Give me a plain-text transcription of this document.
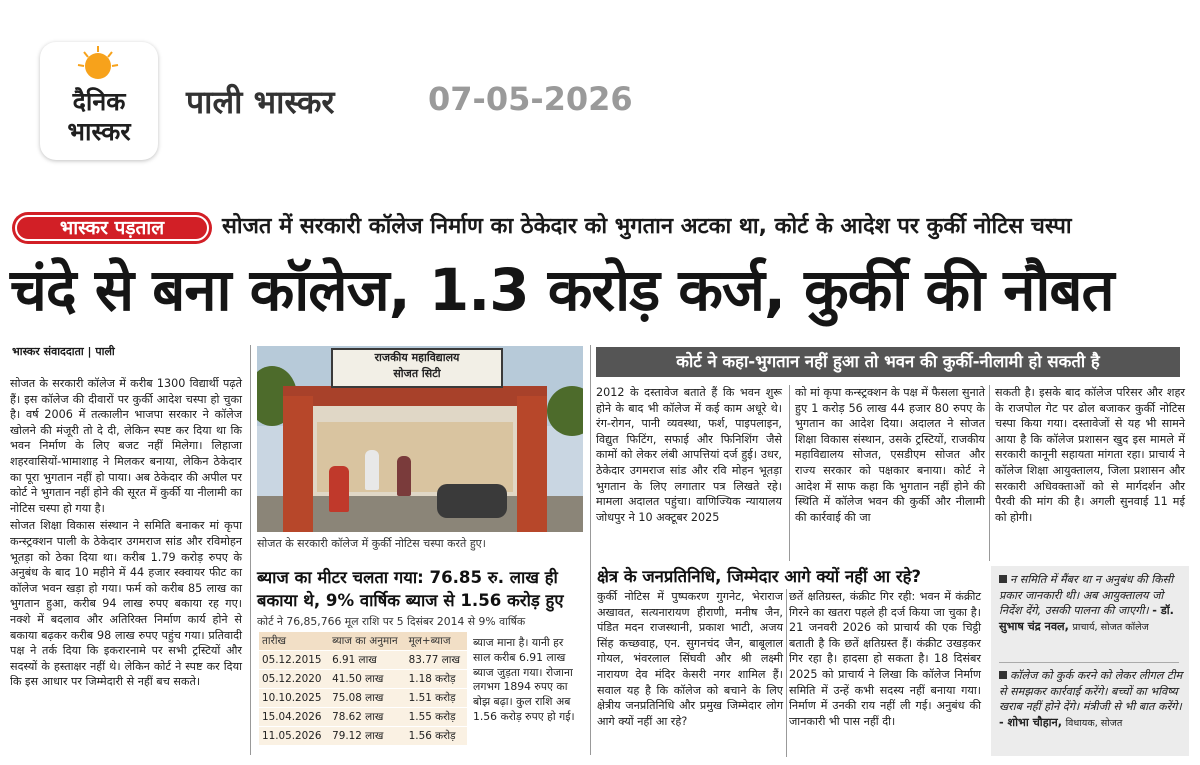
दैनिक
भास्कर
पाली भास्कर	07-05-2026
भास्कर पड़ताल	सोजत में सरकारी कॉलेज निर्माण का ठेकेदार को भुगतान अटका था, कोर्ट के आदेश पर कुर्की नोटिस चस्पा
चंदे से बना कॉलेज, 1.3 करोड़ कर्ज, कुर्की की नौबत
भास्कर संवाददाता | पाली

सोजत के सरकारी कॉलेज में करीब 1300 विद्यार्थी पढ़ते हैं। इस कॉलेज की दीवारों पर कुर्की आदेश चस्पा हो चुका है। वर्ष 2006 में तत्कालीन भाजपा सरकार ने कॉलेज खोलने की मंजूरी तो दे दी, लेकिन स्पष्ट कर दिया था कि भवन निर्माण के लिए बजट नहीं मिलेगा। लिहाजा शहरवासियों-भामाशाह ने मिलकर बनाया, लेकिन ठेकेदार का पूरा भुगतान नहीं हो पाया। अब ठेकेदार की अपील पर कोर्ट ने भुगतान नहीं होने की सूरत में कुर्की या नीलामी का नोटिस चस्पा हो गया है।

सोजत शिक्षा विकास संस्थान ने समिति बनाकर मां कृपा कन्स्ट्रक्शन पाली के ठेकेदार उगमराज सांड और रविमोहन भूतड़ा को ठेका दिया था। करीब 1.79 करोड़ रुपए के अनुबंध के बाद 10 महीने में 44 हजार स्क्वायर फीट का कॉलेज भवन खड़ा हो गया। फर्म को करीब 85 लाख का भुगतान हुआ, करीब 94 लाख रुपए बकाया रह गए। नक्शे में बदलाव और अतिरिक्त निर्माण कार्य होने से बकाया बढ़कर करीब 98 लाख रुपए पहुंच गया। प्रतिवादी पक्ष ने तर्क दिया कि इकरारनामे पर सभी ट्रस्टियों और सदस्यों के हस्ताक्षर नहीं थे। लेकिन कोर्ट ने स्पष्ट कर दिया कि इस आधार पर जिम्मेदारी से नहीं बच सकते।

राजकीय महाविद्यालय
सोजत सिटी
सोजत के सरकारी कॉलेज में कुर्की नोटिस चस्पा करते हुए।
ब्याज का मीटर चलता गया: 76.85 रु. लाख ही बकाया थे, 9% वार्षिक ब्याज से 1.56 करोड़ हुए
कोर्ट ने 76,85,766 मूल राशि पर 5 दिसंबर 2014 से 9% वार्षिक
तारीख	ब्याज का अनुमान	मूल+ब्याज
05.12.2015	6.91 लाख	83.77 लाख
05.12.2020	41.50 लाख	1.18 करोड़
10.10.2025	75.08 लाख	1.51 करोड़
15.04.2026	78.62 लाख	1.55 करोड़
11.05.2026	79.12 लाख	1.56 करोड़
ब्याज माना है। यानी हर साल करीब 6.91 लाख ब्याज जुड़ता गया। रोजाना लगभग 1894 रुपए का बोझ बढ़ा। कुल राशि अब 1.56 करोड़ रुपए हो गई।
कोर्ट ने कहा-भुगतान नहीं हुआ तो भवन की कुर्की-नीलामी हो सकती है
2012 के दस्तावेज बताते हैं कि भवन शुरू होने के बाद भी कॉलेज में कई काम अधूरे थे। रंग-रोगन, पानी व्यवस्था, फर्श, पाइपलाइन, विद्युत फिटिंग, सफाई और फिनिशिंग जैसे कामों को लेकर लंबी आपत्तियां दर्ज हुई। उधर, ठेकेदार उगमराज सांड और रवि मोहन भूतड़ा भुगतान के लिए लगातार पत्र लिखते रहे। मामला अदालत पहुंचा। वाणिज्यिक न्यायालय जोधपुर ने 10 अक्टूबर 2025
को मां कृपा कन्स्ट्रक्शन के पक्ष में फैसला सुनाते हुए 1 करोड़ 56 लाख 44 हजार 80 रुपए के भुगतान का आदेश दिया। अदालत ने सोजत शिक्षा विकास संस्थान, उसके ट्रस्टियों, राजकीय महाविद्यालय सोजत, एसडीएम सोजत और राज्य सरकार को पक्षकार बनाया। कोर्ट ने आदेश में साफ कहा कि भुगतान नहीं होने की स्थिति में कॉलेज भवन की कुर्की और नीलामी की कार्रवाई की जा
सकती है। इसके बाद कॉलेज परिसर और शहर के राजपोल गेट पर ढोल बजाकर कुर्की नोटिस चस्पा किया गया। दस्तावेजों से यह भी सामने आया है कि कॉलेज प्रशासन खुद इस मामले में सरकारी कानूनी सहायता मांगता रहा। प्राचार्य ने कॉलेज शिक्षा आयुक्तालय, जिला प्रशासन और सरकारी अधिवक्ताओं को से मार्गदर्शन और पैरवी की मांग की है। अगली सुनवाई 11 मई को होगी।
क्षेत्र के जनप्रतिनिधि, जिम्मेदार आगे क्यों नहीं आ रहे?
कुर्की नोटिस में पुष्पकरण गुगनेट, भेराराज अखावत, सत्यनारायण हीराणी, मनीष जैन, पंडित मदन राजस्थानी, प्रकाश भाटी, अजय सिंह कच्छवाह, एन. सुगनचंद जैन, बाबूलाल गोयल, भंवरलाल सिंघवी और श्री लक्ष्मी नारायण देव मंदिर केसरी नगर शामिल हैं। सवाल यह है कि कॉलेज को बचाने के लिए क्षेत्रीय जनप्रतिनिधि और प्रमुख जिम्मेदार लोग आगे क्यों नहीं आ रहे?
छतें क्षतिग्रस्त, कंक्रीट गिर रही: भवन में कंक्रीट गिरने का खतरा पहले ही दर्ज किया जा चुका है। 21 जनवरी 2026 को प्राचार्य की एक चिट्ठी बताती है कि छतें क्षतिग्रस्त हैं। कंक्रीट उखड़कर गिर रहा है। हादसा हो सकता है। 18 दिसंबर 2025 को प्राचार्य ने लिखा कि कॉलेज निर्माण समिति में उन्हें कभी सदस्य नहीं बनाया गया। निर्माण में उनकी राय नहीं ली गई। अनुबंध की जानकारी भी पास नहीं दी।
न समिति में मैंबर था न अनुबंध की किसी प्रकार जानकारी थी। अब आयुक्तालय जो निर्देश देंगे, उसकी पालना की जाएगी। - डॉ. सुभाष चंद्र नवल, प्राचार्य, सोजत कॉलेज
कॉलेज को कुर्क करने को लेकर लीगल टीम से समझकर कार्रवाई करेंगे। बच्चों का भविष्य खराब नहीं होने देंगे। मंत्रीजी से भी बात करेंगे। - शोभा चौहान, विधायक, सोजत
